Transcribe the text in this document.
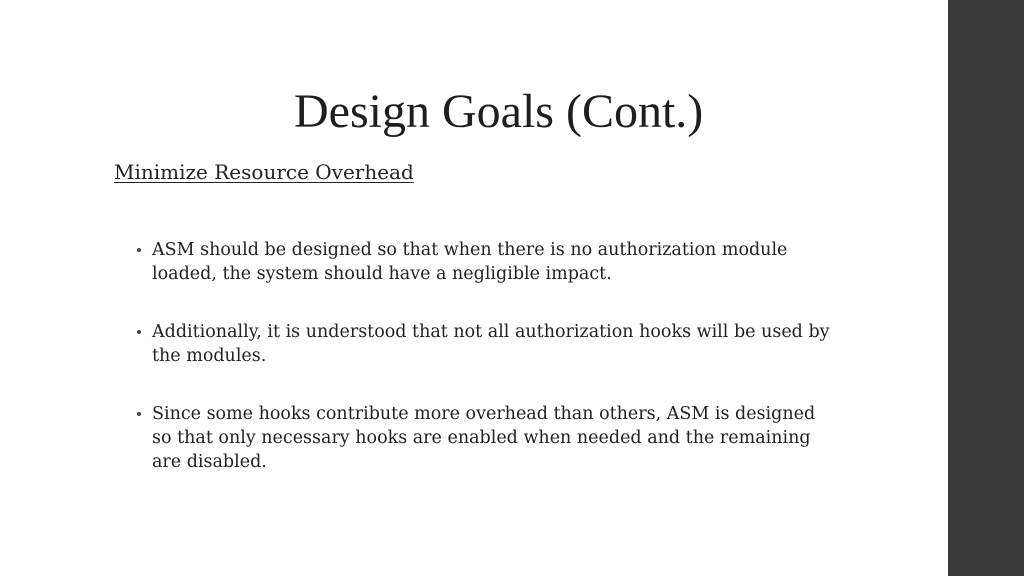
Design Goals (Cont.)
Minimize Resource Overhead
ASM should be designed so that when there is no authorization module loaded, the system should have a negligible impact.
Additionally, it is understood that not all authorization hooks will be used by the modules.
Since some hooks contribute more overhead than others, ASM is designed so that only necessary hooks are enabled when needed and the remaining are disabled.
